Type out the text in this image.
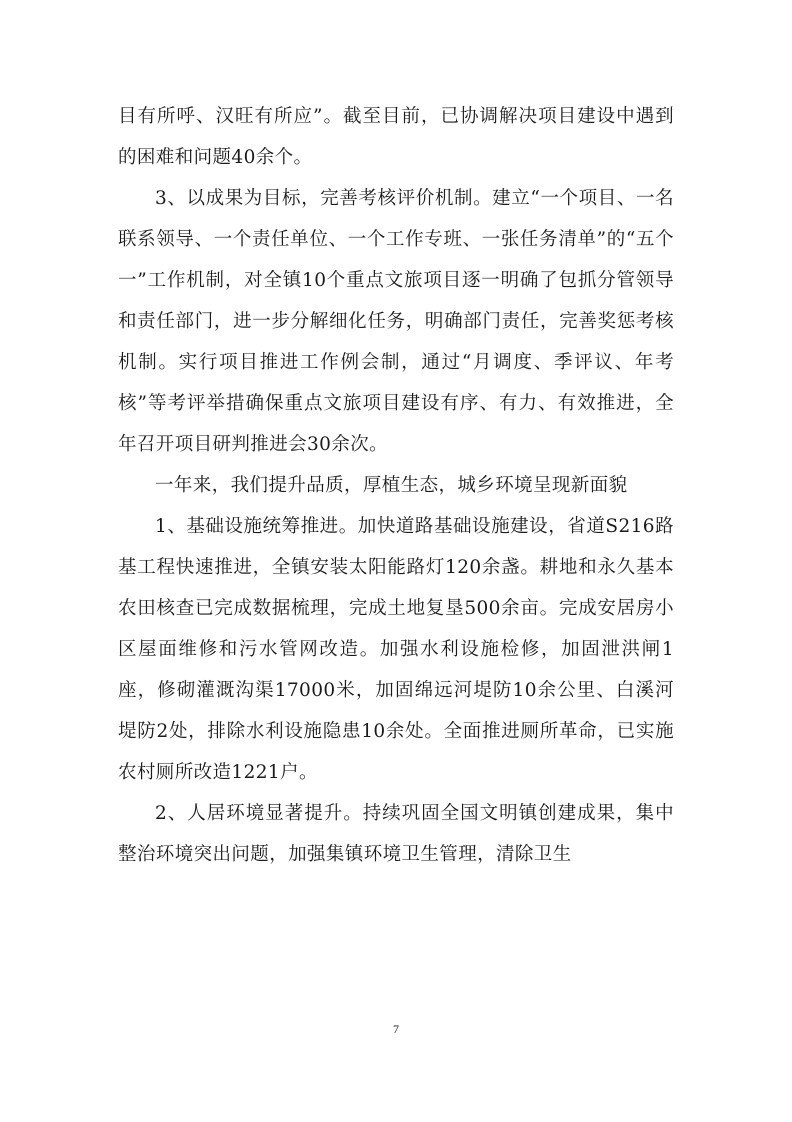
目有所呼、汉旺有所应”。截至目前，已协调解决项目建设中遇到的困难和问题40余个。

3、以成果为目标，完善考核评价机制。建立“一个项目、一名联系领导、一个责任单位、一个工作专班、一张任务清单”的“五个一”工作机制，对全镇10个重点文旅项目逐一明确了包抓分管领导和责任部门，进一步分解细化任务，明确部门责任，完善奖惩考核机制。实行项目推进工作例会制，通过“月调度、季评议、年考核”等考评举措确保重点文旅项目建设有序、有力、有效推进，全年召开项目研判推进会30余次。

一年来，我们提升品质，厚植生态，城乡环境呈现新面貌

1、基础设施统筹推进。加快道路基础设施建设，省道S216路基工程快速推进，全镇安装太阳能路灯120余盏。耕地和永久基本农田核查已完成数据梳理，完成土地复垦500余亩。完成安居房小区屋面维修和污水管网改造。加强水利设施检修，加固泄洪闸1座，修砌灌溉沟渠17000米，加固绵远河堤防10余公里、白溪河堤防2处，排除水利设施隐患10余处。全面推进厕所革命，已实施农村厕所改造1221户。

2、人居环境显著提升。持续巩固全国文明镇创建成果，集中整治环境突出问题，加强集镇环境卫生管理，清除卫生

7
